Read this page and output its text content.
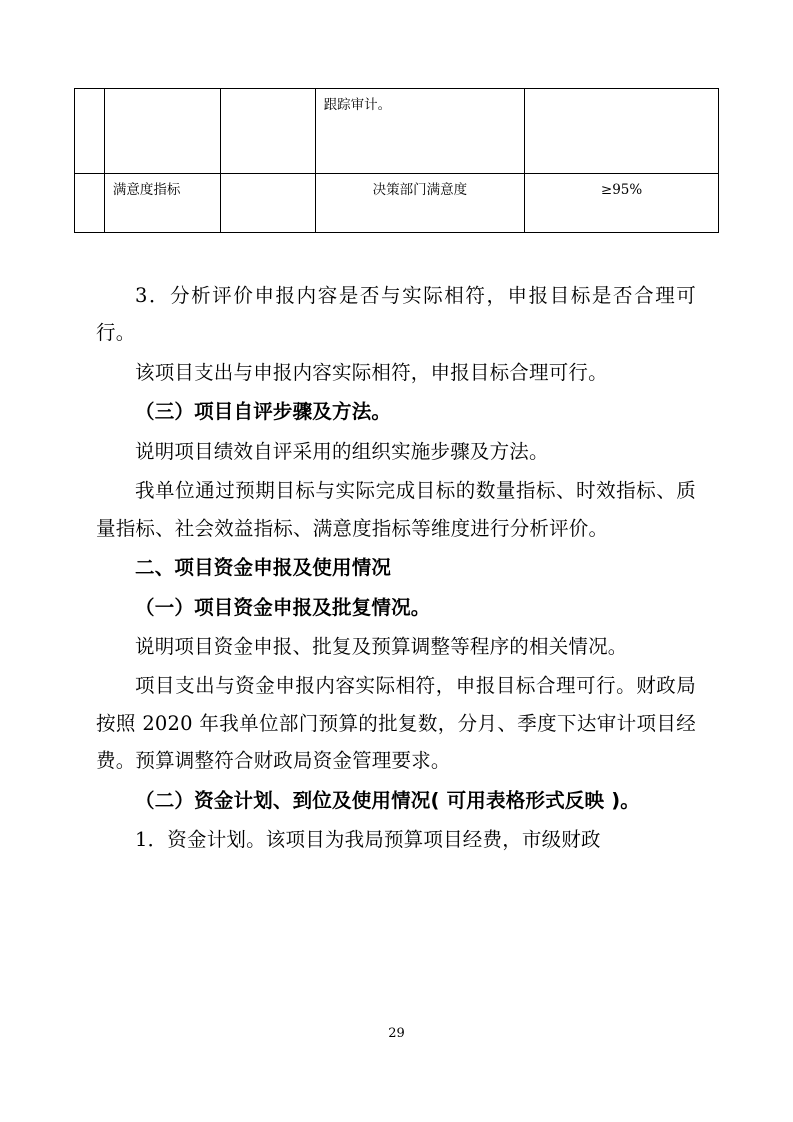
			跟踪审计。	

	满意度指标		决策部门满意度	≥95%

3．分析评价申报内容是否与实际相符，申报目标是否合理可行。

该项目支出与申报内容实际相符，申报目标合理可行。

（三）项目自评步骤及方法。

说明项目绩效自评采用的组织实施步骤及方法。

我单位通过预期目标与实际完成目标的数量指标、时效指标、质量指标、社会效益指标、满意度指标等维度进行分析评价。

二、项目资金申报及使用情况

（一）项目资金申报及批复情况。

说明项目资金申报、批复及预算调整等程序的相关情况。

项目支出与资金申报内容实际相符，申报目标合理可行。财政局按照 2020 年我单位部门预算的批复数，分月、季度下达审计项目经费。预算调整符合财政局资金管理要求。

（二）资金计划、到位及使用情况( 可用表格形式反映 )。

1．资金计划。该项目为我局预算项目经费，市级财政

29
